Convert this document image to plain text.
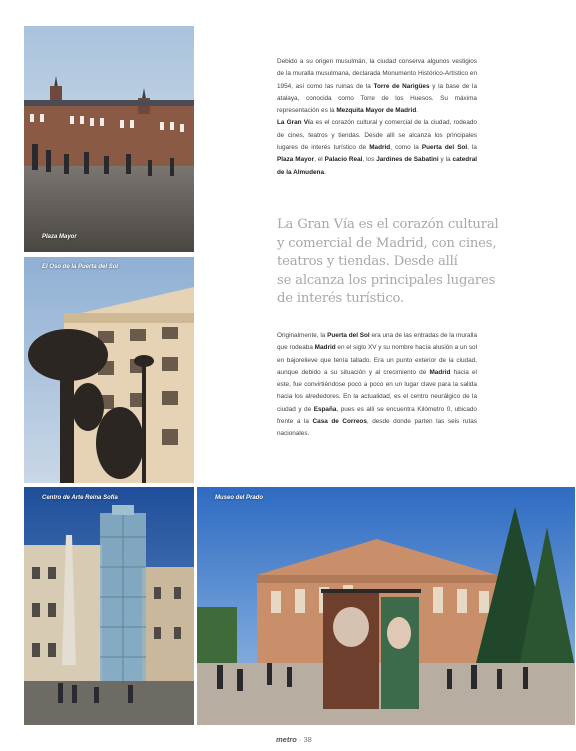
Plaza Mayor
El Oso de la Puerta del Sol
Centro de Arte Reina Sofía	Museo del Prado

Debido a su origen musulmán, la ciudad conserva algunos vestigios de la muralla musulmana, declarada Monumento Histórico-Artístico en 1954, así como las ruinas de la Torre de Narigües y la base de la atalaya, conocida como Torre de los Huesos. Su máxima representación es la Mezquita Mayor de Madrid.

La Gran Vía es el corazón cultural y comercial de la ciudad, rodeado de cines, teatros y tiendas. Desde allí se alcanza los principales lugares de interés turístico de Madrid, como la Puerta del Sol, la Plaza Mayor, el Palacio Real, los Jardines de Sabatini y la catedral de la Almudena.

La Gran Vía es el corazón cultural
y comercial de Madrid, con cines,
teatros y tiendas. Desde allí
se alcanza los principales lugares
de interés turístico.

Originalmente, la Puerta del Sol era una de las entradas de la muralla que rodeaba Madrid en el siglo XV y su nombre hacía alusión a un sol en bajorelieve que tenía tallado. Era un punto exterior de la ciudad, aunque debido a su situación y al crecimiento de Madrid hacia el este, fue convirtiéndose poco a poco en un lugar clave para la salida hacia los alrededores. En la actualidad, es el centro neurálgico de la ciudad y de España, pues es allí se encuentra Kilómetro 0, ubicado frente a la Casa de Correos, desde donde parten las seis rutas nacionales.

metro · 38
